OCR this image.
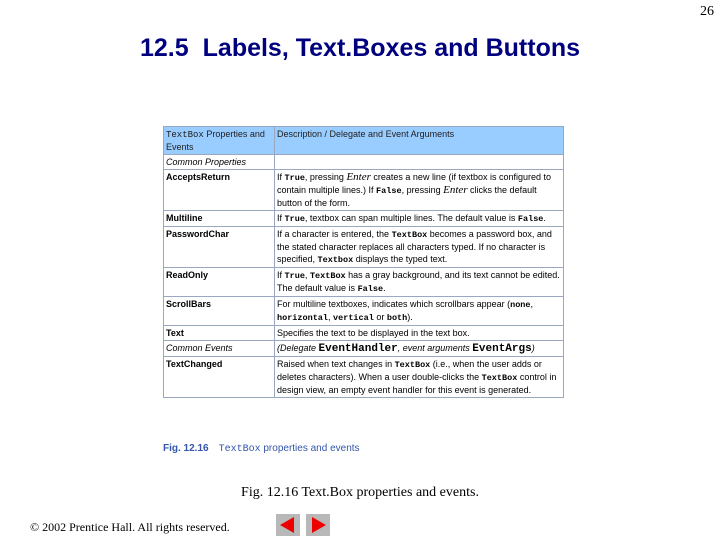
26
12.5 Labels, Text.Boxes and Buttons
TextBox Properties and Events	Description / Delegate and Event Arguments
Common Properties	
AcceptsReturn	If True, pressing Enter creates a new line (if textbox is configured to contain multiple lines.) If False, pressing Enter clicks the default button of the form.
Multiline	If True, textbox can span multiple lines. The default value is False.
PasswordChar	If a character is entered, the TextBox becomes a password box, and the stated character replaces all characters typed. If no character is specified, Textbox displays the typed text.
ReadOnly	If True, TextBox has a gray background, and its text cannot be edited. The default value is False.
ScrollBars	For multiline textboxes, indicates which scrollbars appear (none, horizontal, vertical or both).
Text	Specifies the text to be displayed in the text box.
Common Events	(Delegate EventHandler, event arguments EventArgs)
TextChanged	Raised when text changes in TextBox (i.e., when the user adds or deletes characters). When a user double-clicks the TextBox control in design view, an empty event handler for this event is generated.
Fig. 12.16 TextBox properties and events
Fig. 12.16 Text.Box properties and events.
© 2002 Prentice Hall. All rights reserved.
